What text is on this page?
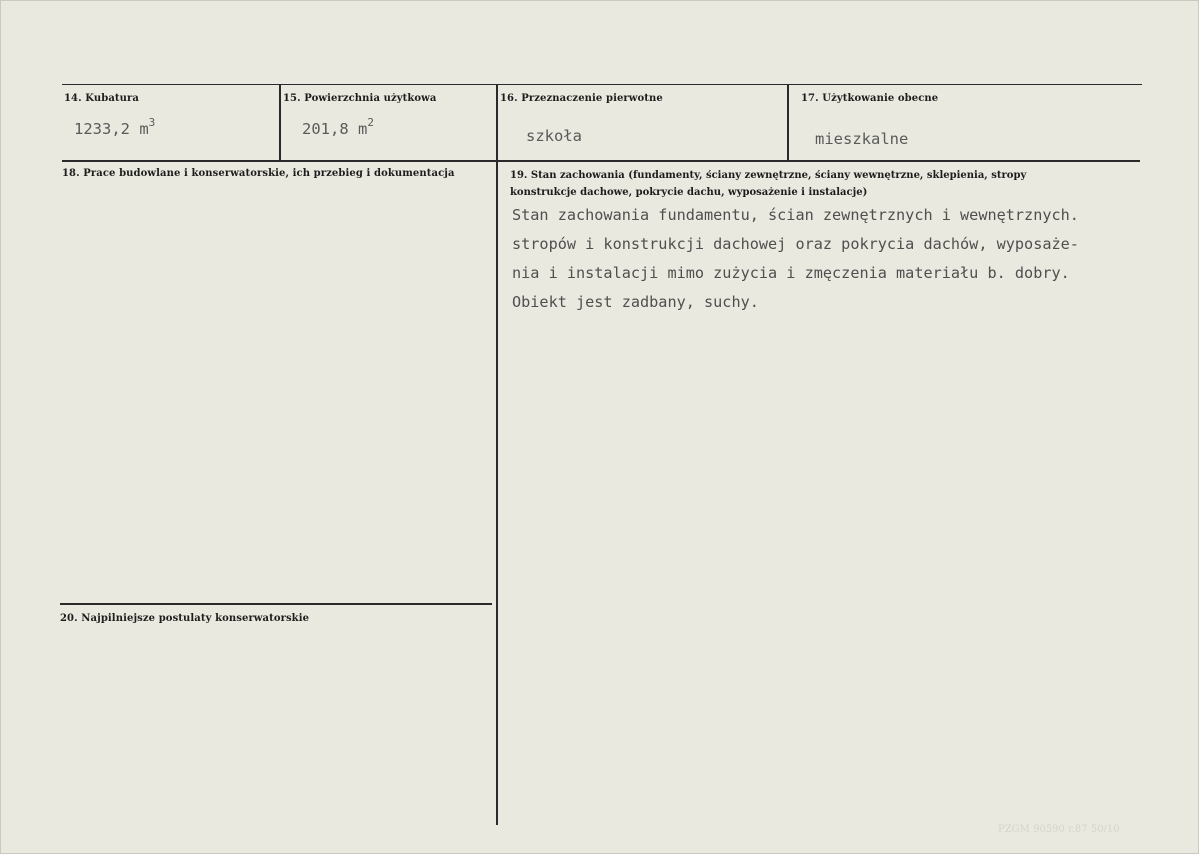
14. Kubatura
1233,2 $m^3$
15. Powierzchnia użytkowa
201,8 $m^2$
16. Przeznaczenie pierwotne
szkoła
17. Użytkowanie obecne
mieszkalne
18. Prace budowlane i konserwatorskie, ich przebieg i dokumentacja	19. Stan zachowania (fundamenty, ściany zewnętrzne, ściany wewnętrzne, sklepienia, stropy konstrukcje dachowe, pokrycie dachu, wyposażenie i instalacje)
Stan zachowania fundamentu, ścian zewnętrznych i wewnętrznych.
stropów i konstrukcji dachowej oraz pokrycia dachów, wyposaże-
nia i instalacji mimo zużycia i zmęczenia materiału b. dobry.
Obiekt jest zadbany, suchy.
20. Najpilniejsze postulaty konserwatorskie
PZGM 90590 r.87 50/10
